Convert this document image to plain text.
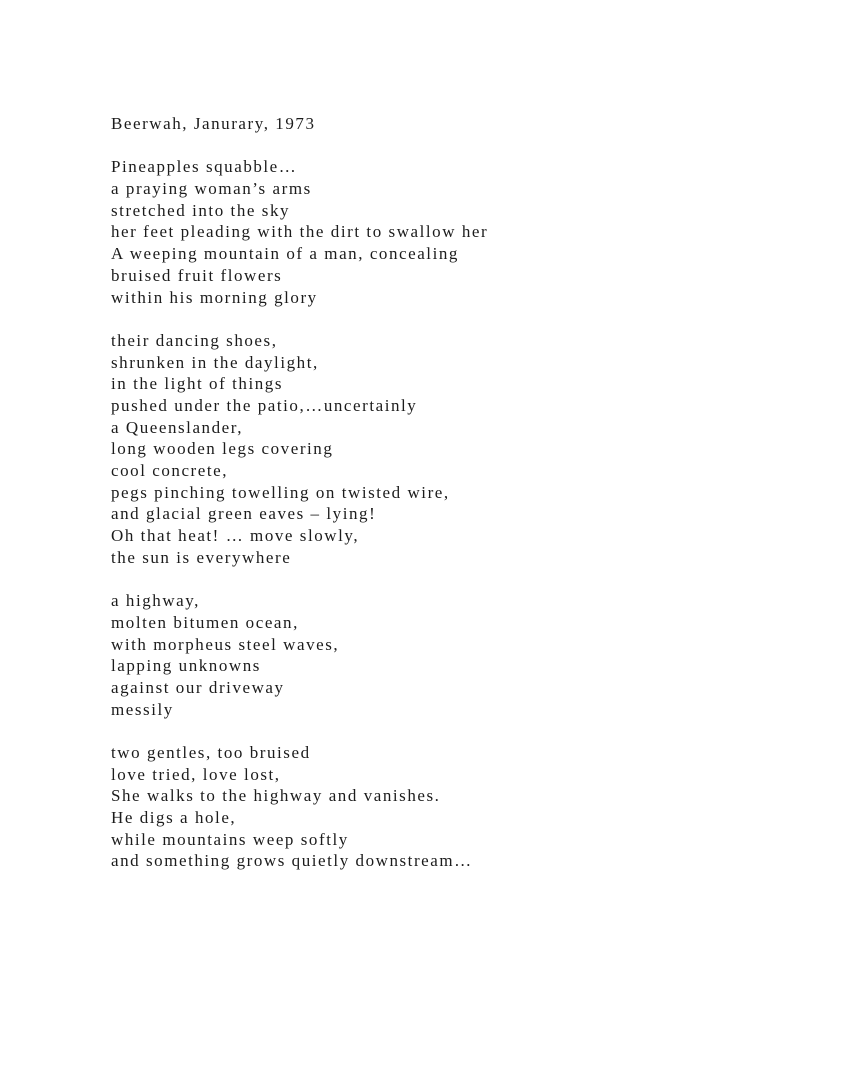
Beerwah, Janurary, 1973
Pineapples squabble…
a praying woman’s arms
stretched into the sky
her feet pleading with the dirt to swallow her
A weeping mountain of a man, concealing
bruised fruit flowers
within his morning glory
their dancing shoes,
shrunken in the daylight,
in the light of things
pushed under the patio,…uncertainly
a Queenslander,
long wooden legs covering
cool concrete,
pegs pinching towelling on twisted wire,
and glacial green eaves – lying!
Oh that heat! … move slowly,
the sun is everywhere
a highway,
molten bitumen ocean,
with morpheus steel waves,
lapping unknowns
against our driveway
messily
two gentles, too bruised
love tried, love lost,
She walks to the highway and vanishes.
He digs a hole,
while mountains weep softly
and something grows quietly downstream…
